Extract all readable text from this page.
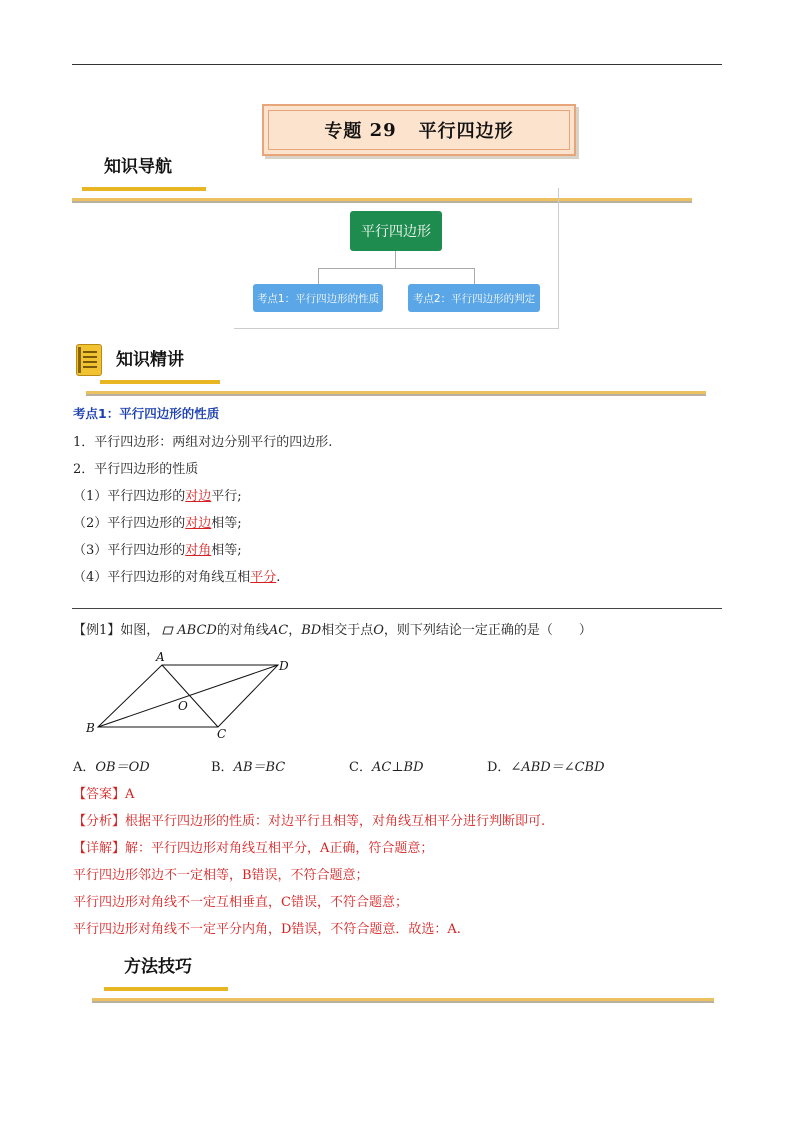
专题
29 平行四边形
知识导航
平行四边形
考点1：平行四边形的性质	考点2：平行四边形的判定
知识精讲
考点1：平行四边形的性质
1．平行四边形：两组对边分别平行的四边形.
2．平行四边形的性质
（1）平行四边形的对边平行;
（2）平行四边形的对边相等;
（3）平行四边形的对角相等;
（4）平行四边形的对角线互相平分.
【例1】如图， ABCD的对角线AC，BD相交于点O，则下列结论一定正确的是（　　）
A
D
B	C
O
A．OB＝OD	B．AB＝BC	C．AC⊥BD	D．∠ABD＝∠CBD
【答案】A
【分析】根据平行四边形的性质：对边平行且相等，对角线互相平分进行判断即可.
【详解】解：平行四边形对角线互相平分，A正确，符合题意；
平行四边形邻边不一定相等，B错误，不符合题意；
平行四边形对角线不一定互相垂直，C错误，不符合题意；
平行四边形对角线不一定平分内角，D错误，不符合题意．故选：A.
方法技巧
